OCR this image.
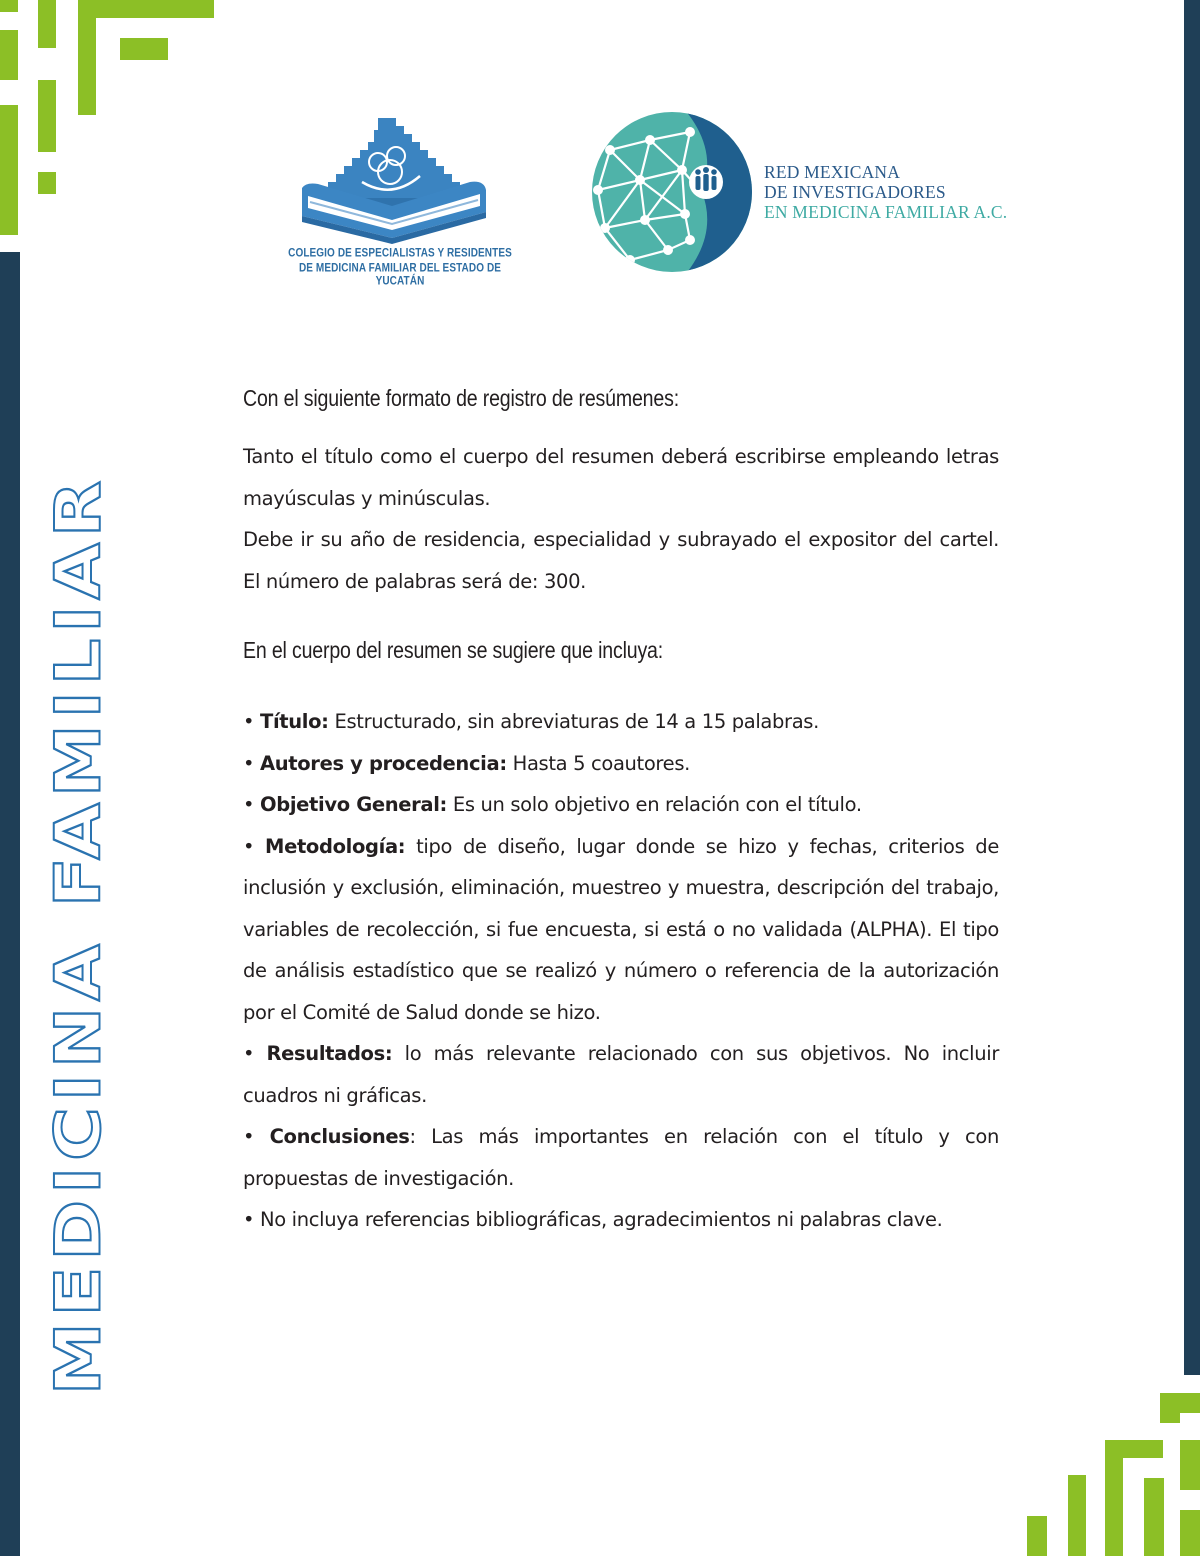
COLEGIO DE ESPECIALISTAS Y RESIDENTES
DE MEDICINA FAMILIAR DEL ESTADO DE YUCATÁN
RED MEXICANA
DE INVESTIGADORES
EN MEDICINA FAMILIAR A.C.
MEDICINA FAMILIAR
Con el siguiente formato de registro de resúmenes:

Tanto el título como el cuerpo del resumen deberá escribirse empleando letras mayúsculas y minúsculas.

Debe ir su año de residencia, especialidad y subrayado el expositor del cartel. El número de palabras será de: 300.

En el cuerpo del resumen se sugiere que incluya:
• Título: Estructurado, sin abreviaturas de 14 a 15 palabras.
• Autores y procedencia: Hasta 5 coautores.
• Objetivo General: Es un solo objetivo en relación con el título.
• Metodología: tipo de diseño, lugar donde se hizo y fechas, criterios de inclusión y exclusión, eliminación, muestreo y muestra, descripción del trabajo, variables de recolección, si fue encuesta, si está o no validada (ALPHA). El tipo de análisis estadístico que se realizó y número o referencia de la autorización por el Comité de Salud donde se hizo.
• Resultados: lo más relevante relacionado con sus objetivos. No incluir cuadros ni gráficas.
• Conclusiones: Las más importantes en relación con el título y con propuestas de investigación.
• No incluya referencias bibliográficas, agradecimientos ni palabras clave.
